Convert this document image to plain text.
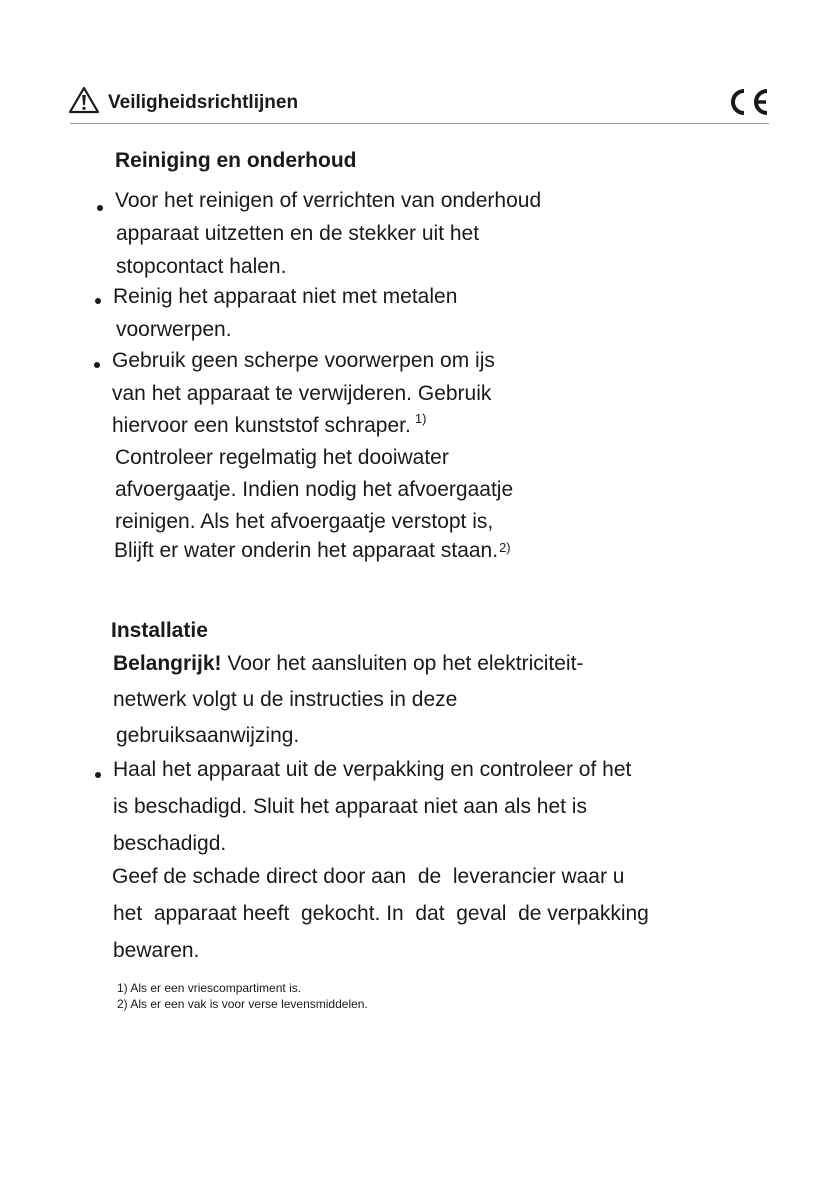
Veiligheidsrichtlijnen
Reiniging en onderhoud
Voor het reinigen of verrichten van onderhoud
apparaat uitzetten en de stekker uit het
stopcontact halen.
Reinig het apparaat niet met metalen
voorwerpen.
Gebruik geen scherpe voorwerpen om ijs
van het apparaat te verwijderen. Gebruik
hiervoor een kunststof schraper. $^{1)}$
Controleer regelmatig het dooiwater
afvoergaatje. Indien nodig het afvoergaatje
reinigen. Als het afvoergaatje verstopt is,
Blijft er water onderin het apparaat staan.$^{2)}$
Installatie
Belangrijk! Voor het aansluiten op het elektriciteit-
netwerk volgt u de instructies in deze
gebruiksaanwijzing.
Haal het apparaat uit de verpakking en controleer of het
is beschadigd. Sluit het apparaat niet aan als het is
beschadigd.
Geef de schade direct door aan  de  leverancier waar u
het  apparaat heeft  gekocht. In  dat  geval  de verpakking
bewaren.
1) Als er een vriescompartiment is.
2) Als er een vak is voor verse levensmiddelen.
